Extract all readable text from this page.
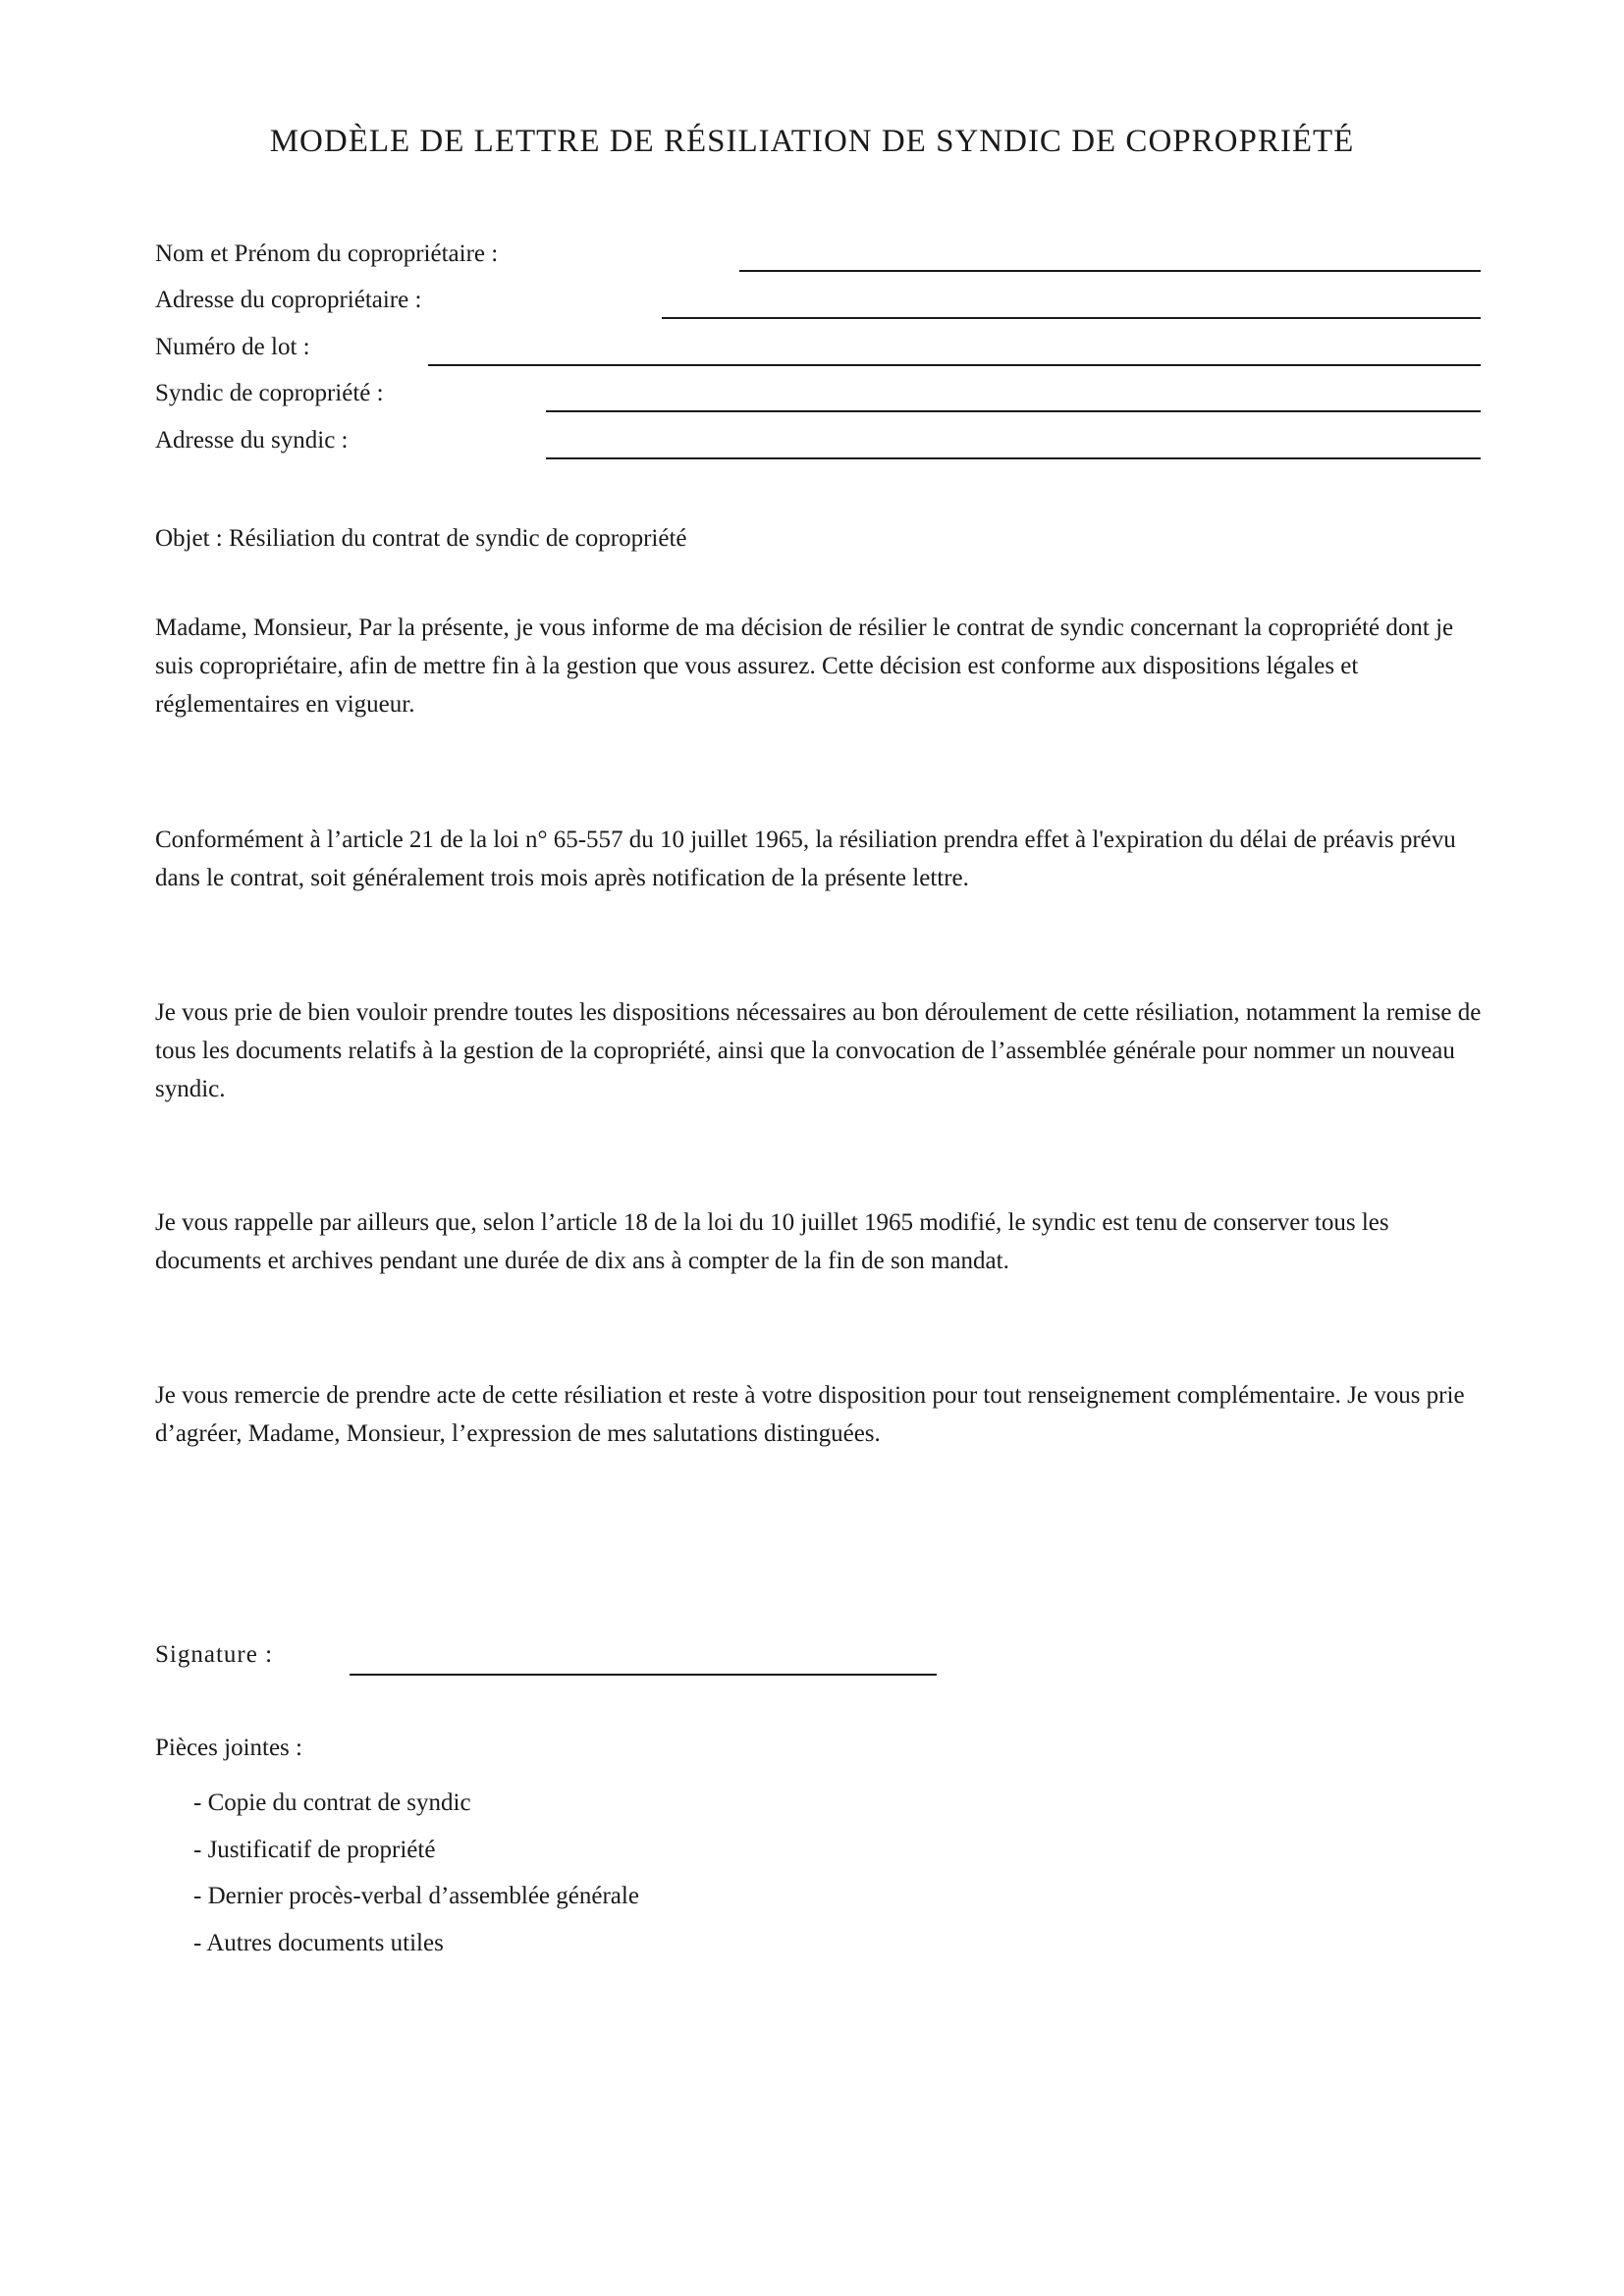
MODÈLE DE LETTRE DE RÉSILIATION DE SYNDIC DE COPROPRIÉTÉ
Nom et Prénom du copropriétaire :
Adresse du copropriétaire :
Numéro de lot :
Syndic de copropriété :
Adresse du syndic :

Objet : Résiliation du contrat de syndic de copropriété

Madame, Monsieur, Par la présente, je vous informe de ma décision de résilier le contrat de syndic concernant la copropriété dont je suis copropriétaire, afin de mettre fin à la gestion que vous assurez. Cette décision est conforme aux dispositions légales et réglementaires en vigueur.

Conformément à l’article 21 de la loi n° 65-557 du 10 juillet 1965, la résiliation prendra effet à l'expiration du délai de préavis prévu dans le contrat, soit généralement trois mois après notification de la présente lettre.

Je vous prie de bien vouloir prendre toutes les dispositions nécessaires au bon déroulement de cette résiliation, notamment la remise de tous les documents relatifs à la gestion de la copropriété, ainsi que la convocation de l’assemblée générale pour nommer un nouveau syndic.

Je vous rappelle par ailleurs que, selon l’article 18 de la loi du 10 juillet 1965 modifié, le syndic est tenu de conserver tous les documents et archives pendant une durée de dix ans à compter de la fin de son mandat.

Je vous remercie de prendre acte de cette résiliation et reste à votre disposition pour tout renseignement complémentaire. Je vous prie d’agréer, Madame, Monsieur, l’expression de mes salutations distinguées.

Signature :
Pièces jointes :
- Copie du contrat de syndic
- Justificatif de propriété
- Dernier procès-verbal d’assemblée générale
- Autres documents utiles
